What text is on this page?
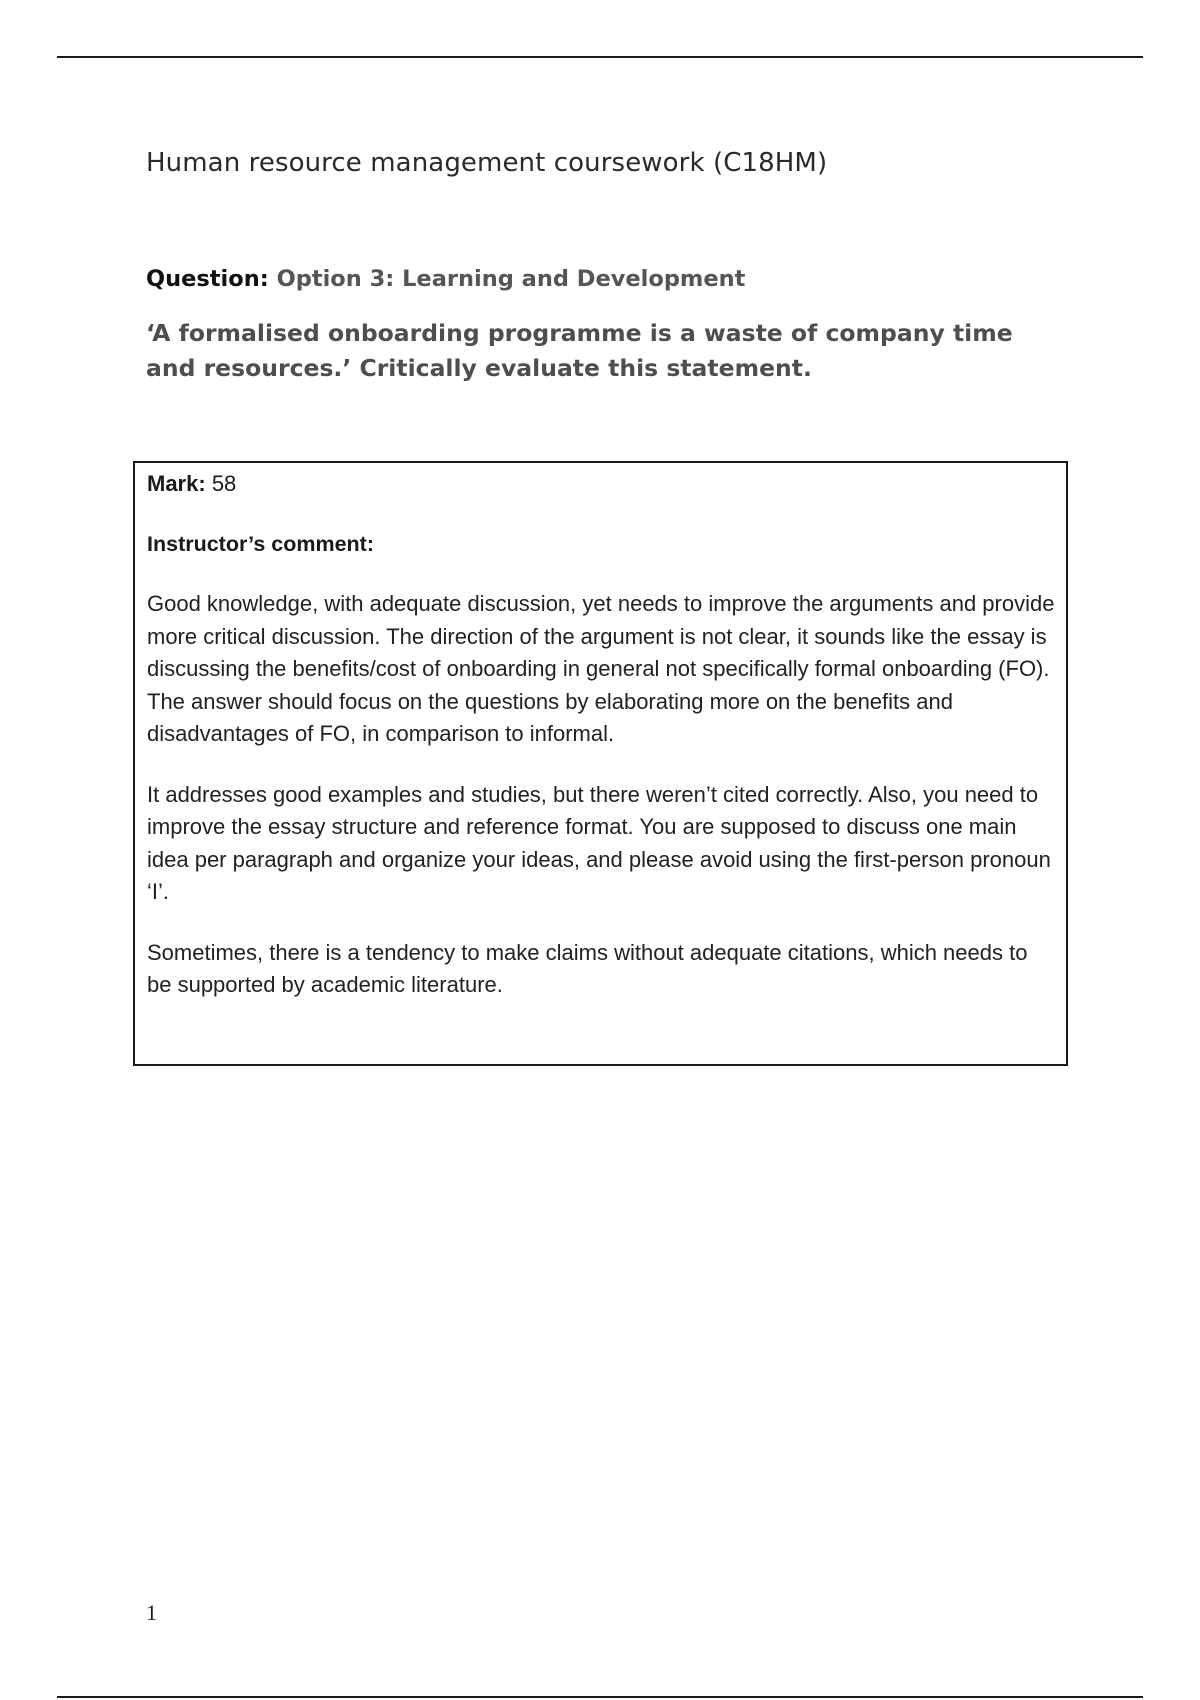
Human resource management coursework (C18HM)
Question: Option 3: Learning and Development
‘A formalised onboarding programme is a waste of company time and resources.’ Critically evaluate this statement.
Mark: 58
Instructor’s comment:

Good knowledge, with adequate discussion, yet needs to improve the arguments and provide more critical discussion. The direction of the argument is not clear, it sounds like the essay is discussing the benefits/cost of onboarding in general not specifically formal onboarding (FO). The answer should focus on the questions by elaborating more on the benefits and disadvantages of FO, in comparison to informal.

It addresses good examples and studies, but there weren’t cited correctly. Also, you need to improve the essay structure and reference format. You are supposed to discuss one main idea per paragraph and organize your ideas, and please avoid using the first-person pronoun ‘I’.

Sometimes, there is a tendency to make claims without adequate citations, which needs to be supported by academic literature.

1
